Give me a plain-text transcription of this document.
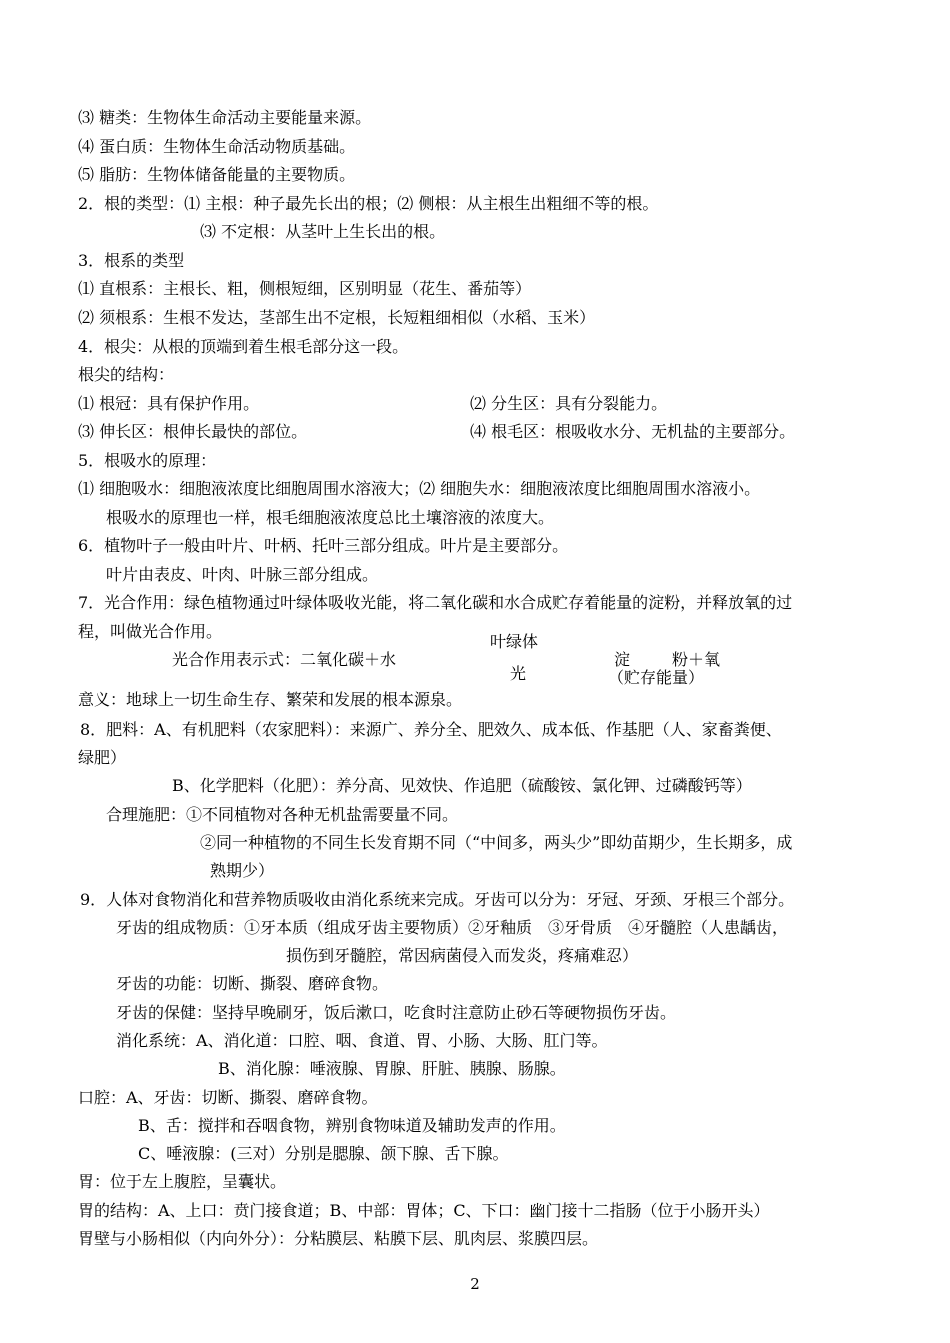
⑶ 糖类：生物体生命活动主要能量来源。
⑷ 蛋白质：生物体生命活动物质基础。
⑸ 脂肪：生物体储备能量的主要物质。
2．根的类型：⑴ 主根：种子最先长出的根；⑵ 侧根：从主根生出粗细不等的根。
⑶ 不定根：从茎叶上生长出的根。
3．根系的类型
⑴ 直根系：主根长、粗，侧根短细，区别明显（花生、番茄等）
⑵ 须根系：生根不发达，茎部生出不定根，长短粗细相似（水稻、玉米）
4．根尖：从根的顶端到着生根毛部分这一段。
根尖的结构：
⑴ 根冠：具有保护作用。	⑵ 分生区：具有分裂能力。
⑶ 伸长区：根伸长最快的部位。	⑷ 根毛区：根吸收水分、无机盐的主要部分。
5．根吸水的原理：
⑴ 细胞吸水：细胞液浓度比细胞周围水溶液大；⑵ 细胞失水：细胞液浓度比细胞周围水溶液小。
根吸水的原理也一样，根毛细胞液浓度总比土壤溶液的浓度大。
6．植物叶子一般由叶片、叶柄、托叶三部分组成。叶片是主要部分。
叶片由表皮、叶肉、叶脉三部分组成。
7．光合作用：绿色植物通过叶绿体吸收光能，将二氧化碳和水合成贮存着能量的淀粉，并释放氧的过
程，叫做光合作用。
光合作用表示式：二氧化碳＋水
叶绿体
光
淀	粉＋氧
（贮存能量）
意义：地球上一切生命生存、繁荣和发展的根本源泉。
8．肥料：A、有机肥料（农家肥料）：来源广、养分全、肥效久、成本低、作基肥（人、家畜粪便、
绿肥）
B、化学肥料（化肥）：养分高、见效快、作追肥（硫酸铵、氯化钾、过磷酸钙等）
合理施肥：①不同植物对各种无机盐需要量不同。
②同一种植物的不同生长发育期不同（“中间多，两头少”即幼苗期少，生长期多，成
熟期少）
9．人体对食物消化和营养物质吸收由消化系统来完成。牙齿可以分为：牙冠、牙颈、牙根三个部分。
牙齿的组成物质：①牙本质（组成牙齿主要物质）②牙釉质　③牙骨质　④牙髓腔（人患龋齿，
损伤到牙髓腔，常因病菌侵入而发炎，疼痛难忍）
牙齿的功能：切断、撕裂、磨碎食物。
牙齿的保健：坚持早晚刷牙，饭后漱口，吃食时注意防止砂石等硬物损伤牙齿。
消化系统：A、消化道：口腔、咽、食道、胃、小肠、大肠、肛门等。
B、消化腺：唾液腺、胃腺、肝脏、胰腺、肠腺。
口腔：A、牙齿：切断、撕裂、磨碎食物。
B、舌：搅拌和吞咽食物，辨别食物味道及辅助发声的作用。
C、唾液腺：(三对）分别是腮腺、颌下腺、舌下腺。
胃：位于左上腹腔，呈囊状。
胃的结构：A、上口：贲门接食道；B、中部：胃体；C、下口：幽门接十二指肠（位于小肠开头）
胃壁与小肠相似（内向外分）：分粘膜层、粘膜下层、肌肉层、浆膜四层。
2
